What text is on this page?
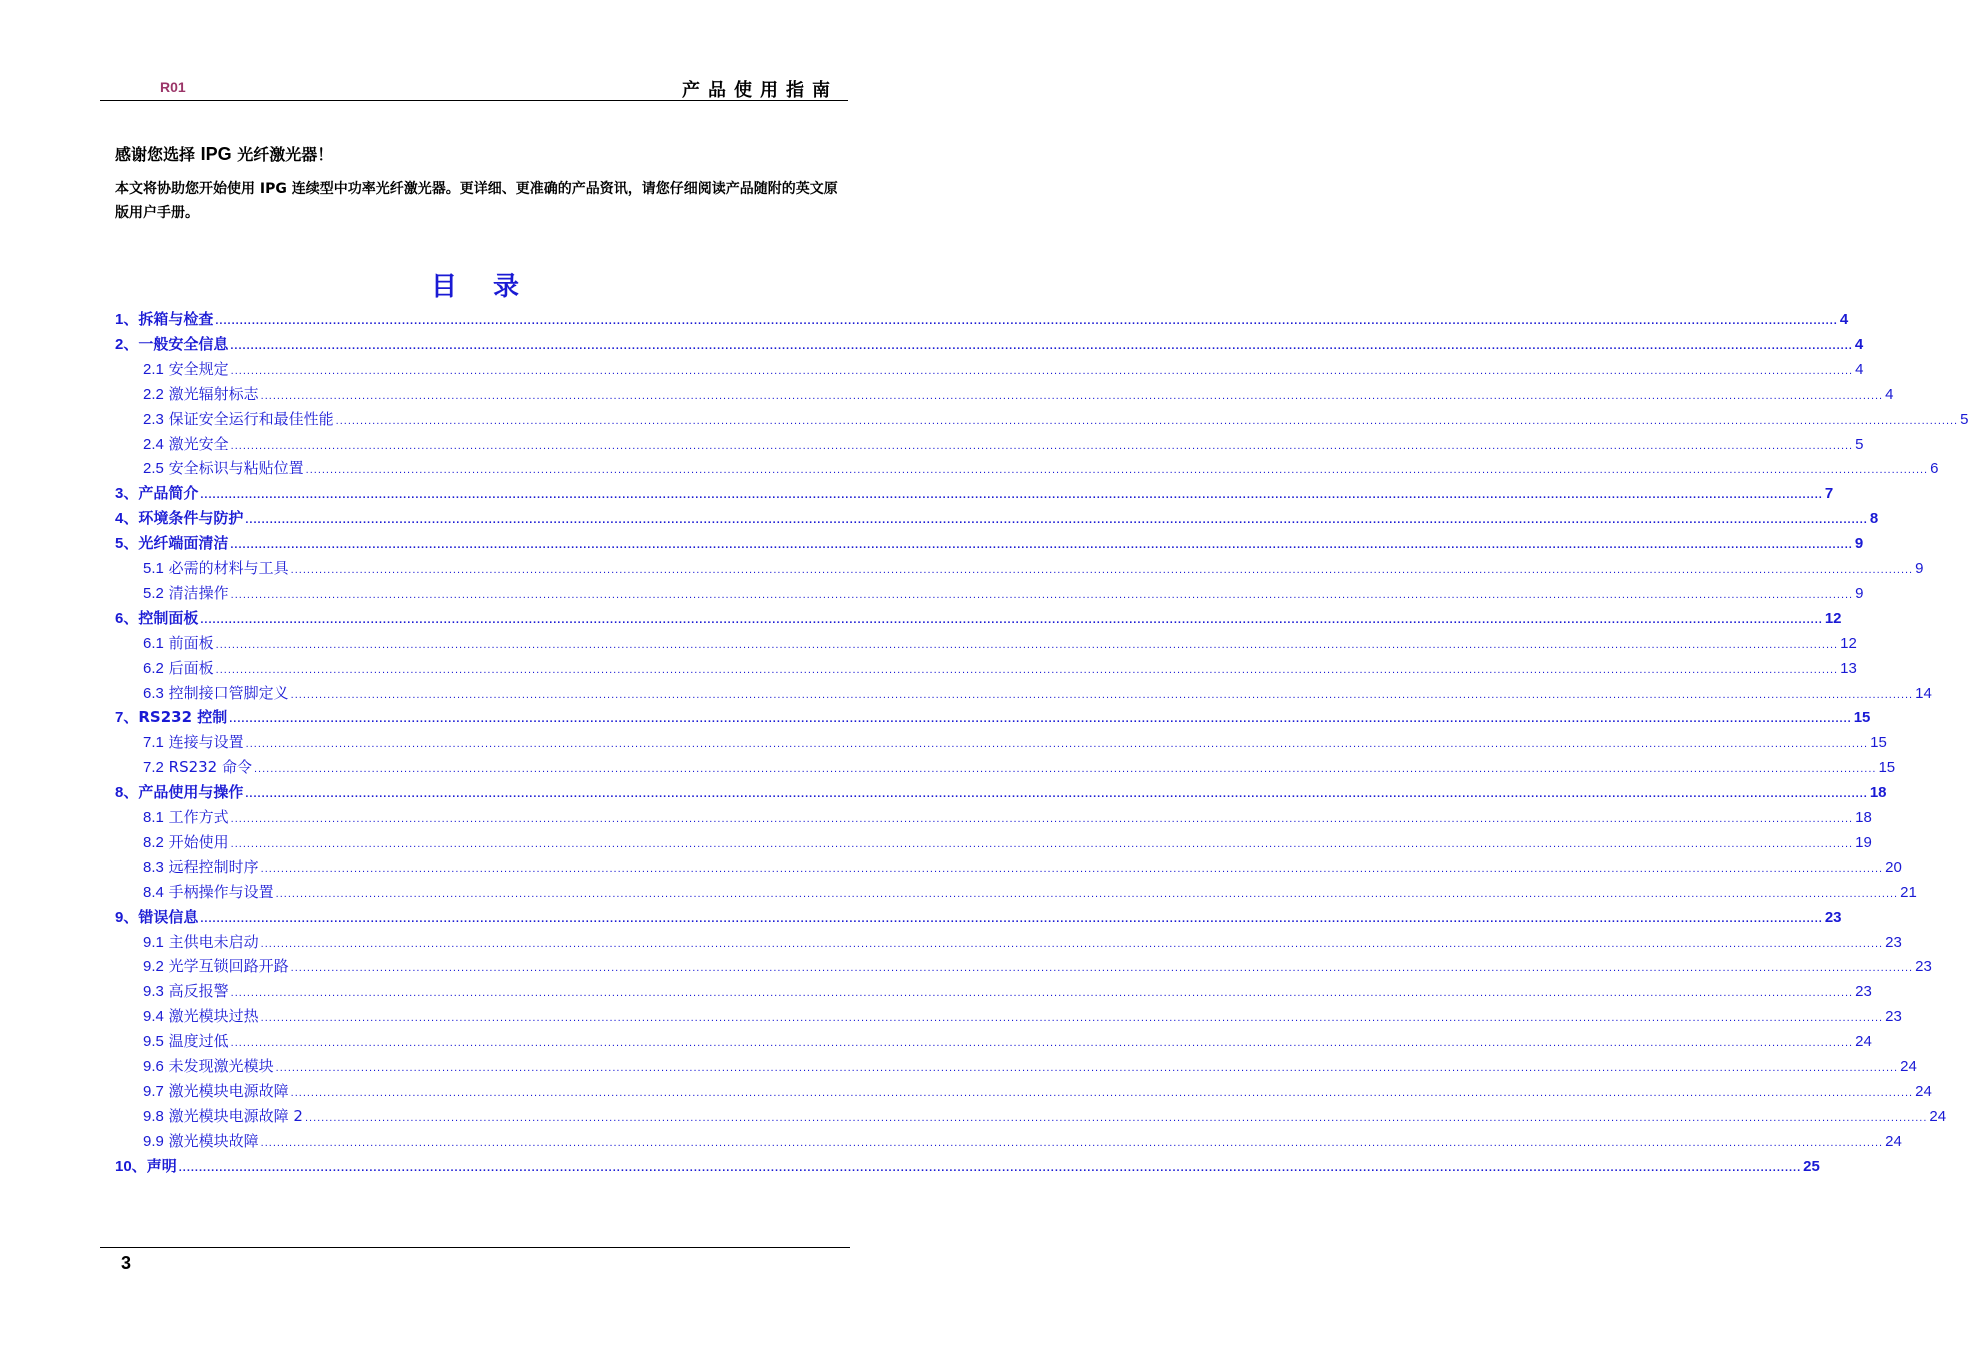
R01	产品使用指南
感谢您选择 IPG 光纤激光器！
本文将协助您开始使用 IPG 连续型中功率光纤激光器。更详细、更准确的产品资讯，请您仔细阅读产品随附的英文原版用户手册。
目录
1、拆箱与检查 ................................................................................................................................................................................................................................................................................................................................................................................................................ 4
2、一般安全信息 ................................................................................................................................................................................................................................................................................................................................................................................................................ 4
2.1 安全规定 ................................................................................................................................................................................................................................................................................................................................................................................................................ 4
2.2 激光辐射标志 ................................................................................................................................................................................................................................................................................................................................................................................................................ 4
2.3 保证安全运行和最佳性能 ................................................................................................................................................................................................................................................................................................................................................................................................................ 5
2.4 激光安全 ................................................................................................................................................................................................................................................................................................................................................................................................................ 5
2.5 安全标识与粘贴位置 ................................................................................................................................................................................................................................................................................................................................................................................................................ 6
3、产品简介 ................................................................................................................................................................................................................................................................................................................................................................................................................ 7
4、环境条件与防护 ................................................................................................................................................................................................................................................................................................................................................................................................................ 8
5、光纤端面清洁 ................................................................................................................................................................................................................................................................................................................................................................................................................ 9
5.1 必需的材料与工具 ................................................................................................................................................................................................................................................................................................................................................................................................................ 9
5.2 清洁操作 ................................................................................................................................................................................................................................................................................................................................................................................................................ 9
6、控制面板 ................................................................................................................................................................................................................................................................................................................................................................................................................ 12
6.1 前面板 ................................................................................................................................................................................................................................................................................................................................................................................................................ 12
6.2 后面板 ................................................................................................................................................................................................................................................................................................................................................................................................................ 13
6.3 控制接口管脚定义 ................................................................................................................................................................................................................................................................................................................................................................................................................ 14
7、RS232 控制 ................................................................................................................................................................................................................................................................................................................................................................................................................ 15
7.1 连接与设置 ................................................................................................................................................................................................................................................................................................................................................................................................................ 15
7.2 RS232 命令 ................................................................................................................................................................................................................................................................................................................................................................................................................ 15
8、产品使用与操作 ................................................................................................................................................................................................................................................................................................................................................................................................................ 18
8.1 工作方式 ................................................................................................................................................................................................................................................................................................................................................................................................................ 18
8.2 开始使用 ................................................................................................................................................................................................................................................................................................................................................................................................................ 19
8.3 远程控制时序 ................................................................................................................................................................................................................................................................................................................................................................................................................ 20
8.4 手柄操作与设置 ................................................................................................................................................................................................................................................................................................................................................................................................................ 21
9、错误信息 ................................................................................................................................................................................................................................................................................................................................................................................................................ 23
9.1 主供电未启动 ................................................................................................................................................................................................................................................................................................................................................................................................................ 23
9.2 光学互锁回路开路 ................................................................................................................................................................................................................................................................................................................................................................................................................ 23
9.3 高反报警 ................................................................................................................................................................................................................................................................................................................................................................................................................ 23
9.4 激光模块过热 ................................................................................................................................................................................................................................................................................................................................................................................................................ 23
9.5 温度过低 ................................................................................................................................................................................................................................................................................................................................................................................................................ 24
9.6 未发现激光模块 ................................................................................................................................................................................................................................................................................................................................................................................................................ 24
9.7 激光模块电源故障 ................................................................................................................................................................................................................................................................................................................................................................................................................ 24
9.8 激光模块电源故障 2 ................................................................................................................................................................................................................................................................................................................................................................................................................ 24
9.9 激光模块故障 ................................................................................................................................................................................................................................................................................................................................................................................................................ 24
10、声明 ................................................................................................................................................................................................................................................................................................................................................................................................................ 25
3
